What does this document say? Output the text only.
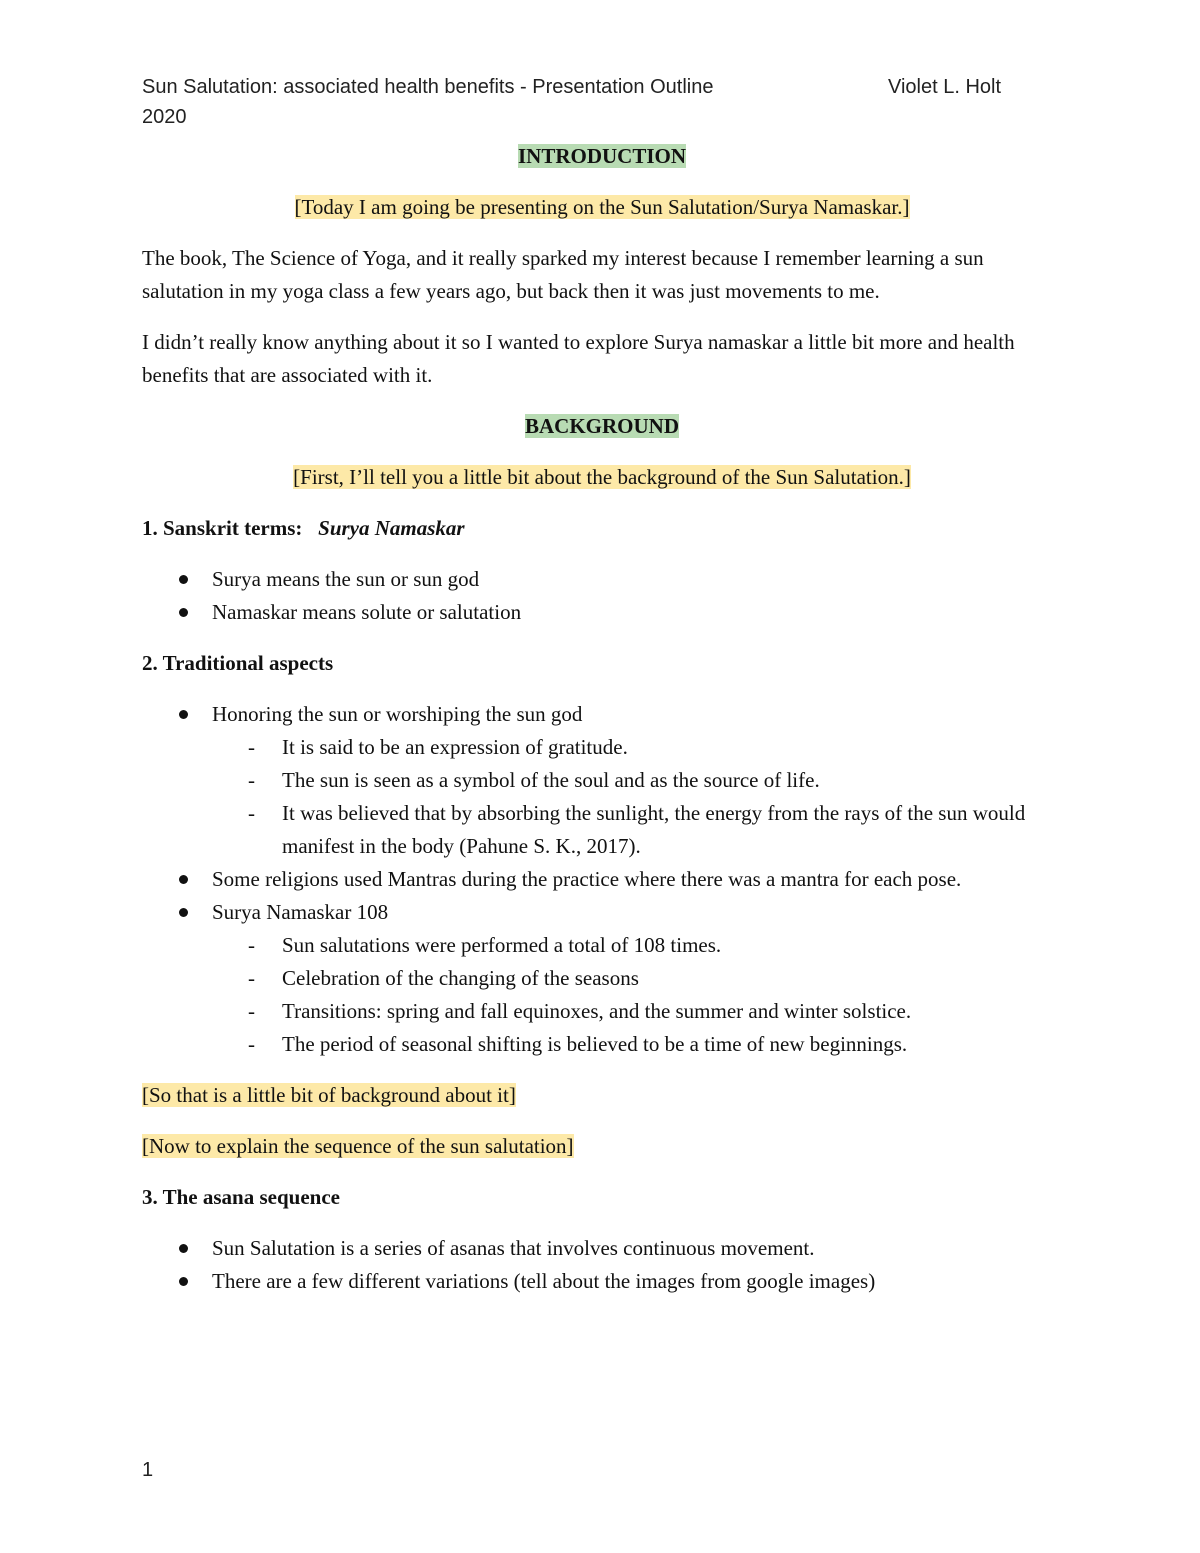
Sun Salutation: associated health benefits - Presentation Outline	Violet L. Holt
2020

INTRODUCTION

[Today I am going be presenting on the Sun Salutation/Surya Namaskar.]

The book, The Science of Yoga, and it really sparked my interest because I remember learning a sun salutation in my yoga class a few years ago, but back then it was just movements to me.

I didn’t really know anything about it so I wanted to explore Surya namaskar a little bit more and health benefits that are associated with it.

BACKGROUND

[First, I’ll tell you a little bit about the background of the Sun Salutation.]

1. Sanskrit terms: Surya Namaskar

Surya means the sun or sun god
Namaskar means solute or salutation

2. Traditional aspects

Honoring the sun or worshiping the sun god
- It is said to be an expression of gratitude.
- The sun is seen as a symbol of the soul and as the source of life.
- It was believed that by absorbing the sunlight, the energy from the rays of the sun would manifest in the body (Pahune S. K., 2017).
Some religions used Mantras during the practice where there was a mantra for each pose.
Surya Namaskar 108
- Sun salutations were performed a total of 108 times.
- Celebration of the changing of the seasons
- Transitions: spring and fall equinoxes, and the summer and winter solstice.
- The period of seasonal shifting is believed to be a time of new beginnings.

[So that is a little bit of background about it]

[Now to explain the sequence of the sun salutation]

3. The asana sequence

Sun Salutation is a series of asanas that involves continuous movement.
There are a few different variations (tell about the images from google images)
1
